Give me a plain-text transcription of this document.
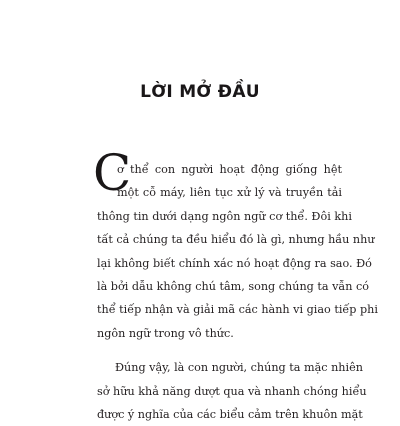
LỜI MỞ ĐẦU
C
ơ thể con người hoạt động giống hệt
một cỗ máy, liên tục xử lý và truyền tải
thông tin dưới dạng ngôn ngữ cơ thể. Đôi khi
tất cả chúng ta đều hiểu đó là gì, nhưng hầu như
lại không biết chính xác nó hoạt động ra sao. Đó
là bởi dẫu không chú tâm, song chúng ta vẫn có
thể tiếp nhận và giải mã các hành vi giao tiếp phi
ngôn ngữ trong vô thức.
Đúng vậy, là con người, chúng ta mặc nhiên
sở hữu khả năng dượt qua và nhanh chóng hiểu
được ý nghĩa của các biểu cảm trên khuôn mặt
